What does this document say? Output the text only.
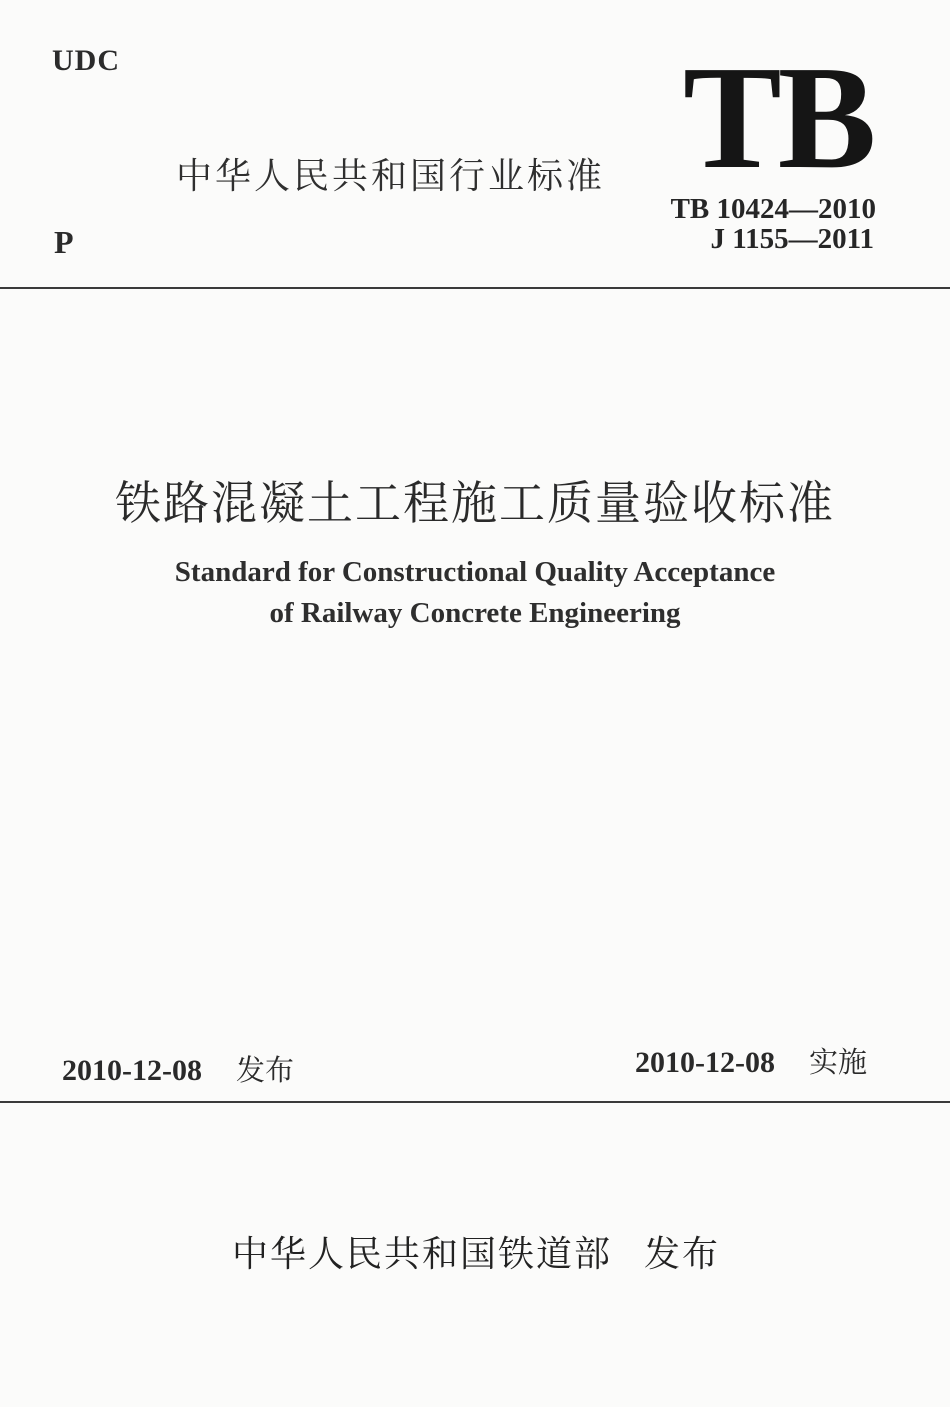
UDC
P
中华人民共和国行业标准 TB
TB 10424—2010
J 1155—2011
铁路混凝土工程施工质量验收标准
Standard for Constructional Quality Acceptance
of Railway Concrete Engineering
2010-12-08 发布	2010-12-08 实施
中华人民共和国铁道部 发布
